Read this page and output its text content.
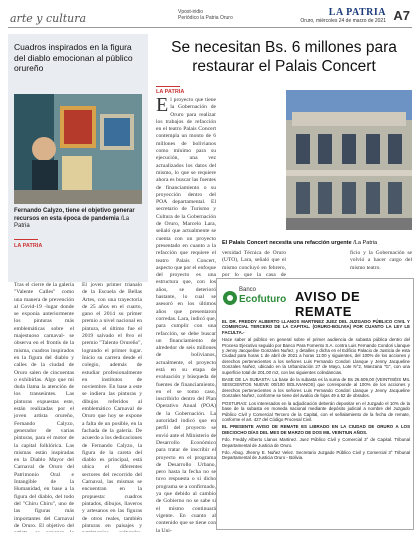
arte y cultura	Vpost-iridio
Periódico la Patria Oruro	LA PATRIA
Oruro, miércoles 24 de marzo de 2021 A7
Cuadros inspirados en la figura del diablo emocionan al público orureño
Fernando Calyzo, tiene el objetivo generar recursos en esta época de pandemia /La Patria
LA PATRIA
Tras el cierre de la galería "Valente Calles" como una manera de prevención al Covid-19 -lugar donde se exponía anteriormente los pinturas más emblemáticas sobre el majestuoso carnaval- se observa en el frontis de la misma, cuadros inspirados en la figura del diablo y calles de la ciudad de Oruro salen de cincuentas o exhibirlas. Algo que mi duda llama la atención de los transeúntes. Las pinturas expuestas este, están realizadas por el joven artista orureño, Fernando Calyzo, generador de varias pinturas, para el motor de la capital folklórica. Las mismas están inspiradas en la Diablo Mayor del Carnaval de Oruro del Patrimonio Oral e Intangible de la Humanidad, en base a la figura del diablo, del todo del "Chiru Chiru", uno de las figuras más importantes del Carnaval de Oruro. El objetivo del
El joven primer trianalo de la Escuela de Bellas Artes, con una trayectoria de 25 años en el cuarto, gano el 2014 su primer premio a nivel nacional en pintura, el último fue el 2019 salvado el 8vo el premio "Talento Orureño", logrando el primer lugar. Inicio su carrera desde el colegio, además de estudiar profesionalmente en institutos de noviembre. En base a este se indiera las pinturas y dibujos referidos al emblemático Carnaval de Oruro que hoy se expone a falta de un posible, en la fachada de la galería. De acuerdo a los dedicaciones de Fernando Calyzo, la figura de la careta del diablo es principal, está ubica el diferentes sectores del recorrido del Carnaval, las mismas se encuentran en la propuesta: cuadros pintados, dibujos, llaveros y artesanos en las figuras de otros reales, también pinturas en paisajes y
Se necesitan Bs. 6 millones para restaurar el Palais Concert
LA PATRIA
E l proyecto que tiene la Gobernación de Oruro para realizar los trabajos de refacción en el teatro Palais Concert contempla un monto de 6 millones de bolivianos como mínimo para su ejecución, una vez actualizados los datos del mismo, lo que se requiere ahora es buscar las fuentes de financiamiento o su proyección dentro del POA departamental. El secretario de Turismo y Cultura de la Gobernación de Oruro, Marcelo Lara, señaló que actualmente se cuenta con un proyecto presentado en cuanto a la refacción que requiere el teatro Palais Concert, aspecto que por el enfoque del proyecto es una estructura que, con los años, se deterioró bastante, lo cual se asesoró en los últimos años que presentaron corredas. Lara, indicó que, para cumplir con una refacción, se debe buscar un financiamiento de alrededor de seis millones de bolivianos, actualmente, el proyecto está en su etapa de evaluación y búsqueda de fuentes de financiamiento, en el se tomo caso, inscribirlo dentro del Plan Operativo Anual (POA) de la Gobernación. La autoridad indicó que en perfil del proyecto se envió ante el Ministerio de Desarrollo Económico para tratar de inscribir el proyecto en el programa de Desarrollo Urbano, pero hasta la fecha no se tuvo respuesta o si dicho programa se a confirmado, ya que debido al cambio de Gobierno no se sabe si el mismo continuará vigente. En cuanto al contenido que se tiene con la Uni-
El Palais Concert necesita una refacción urgente /La Patria
versidad Técnica de Oruro (UTO), Lara, señaló que el mismo concluyó en febrero, por lo que la casa de
ficio y la Gobernación se volvió a hacer cargo del mismo teatro.
Banco
Ecofuturo AVISO DE REMATE

EL DR. FREDDY ALBERTO LLANOS MARTINEZ JUEZ DEL JUZGADO PÚBLICO CIVIL Y COMERCIAL TERCERO DE LA CAPITAL. (ORURO-BOLIVIA) POR CUANTO LA LEY LE FACULTA.-

Hace saber al público en general sobre el primer audiencia de subasta pública dentro del Proceso Ejecutivo seguido por Banco Para Fomento S.A. contra Luis Fernando Condori Llanque y Jenny Jacqueline Gonzales Nuñez, y detalles y dicha en el Edificio Palacio de Justicia de esta Ciudad para horas 1 de abril de 2021 a horas 11:00 y siguientes, del 100% de los acciones y derechos pertenecientes a los señores Luis Fernando Condori Llanque y Jenny Jacqueline Gonzales Nuñez, ubicado en la Urbanización 27 de Mayo, Lote N°2, Manzana "G", con una superficie total de 201.00 m2, con las siguientes colindancias.

BASE DE LA SUBASTA: La base de la subasta es la suma de Bs 26.609,00 (VEINTISÉIS MIL SEISCIENTOS NUEVE 00/100 BOLIVIANOS) que corresponde al 100% de los acciones y derechos pertenecientes a los señores Luis Fernando Condori Llanque y Jenny Jacqueline Gonzales Nuñez, conforme se tiene del avalúo de fojas 49 a 52 de obrados.

POSTURAS: Los interesados en la adjudicación deberán depositar en el Juzgado el 10% de la base de la subasta en moneda nacional mediante depósito judicial a nombre del Juzgado Público Civil y Comercial Tercero de la Capital, con el señalamiento de la fecha de remate, conforme el art. 427 del Código Procesal Civil.

EL PRESENTE AVISO DE REMATE ES LIBRADO EN LA CIUDAD DE ORURO A LOS DIECIOCHO DÍAS DEL MES DE MARZO DE DOS MIL VEINTIUN AÑOS.

Fdo. Freddy Alberto Llanos Martinez. Juez Público Civil y Comercial 3° de Capital. Tribunal Departamental de Justicia de Oruro.

Fdo. Abog. Jhenny E. Nuñez Velez. Secretario Juzgado Público Civil y Comercial 3° Tribunal Departamental de Justicia Oruro - Bolivia.
